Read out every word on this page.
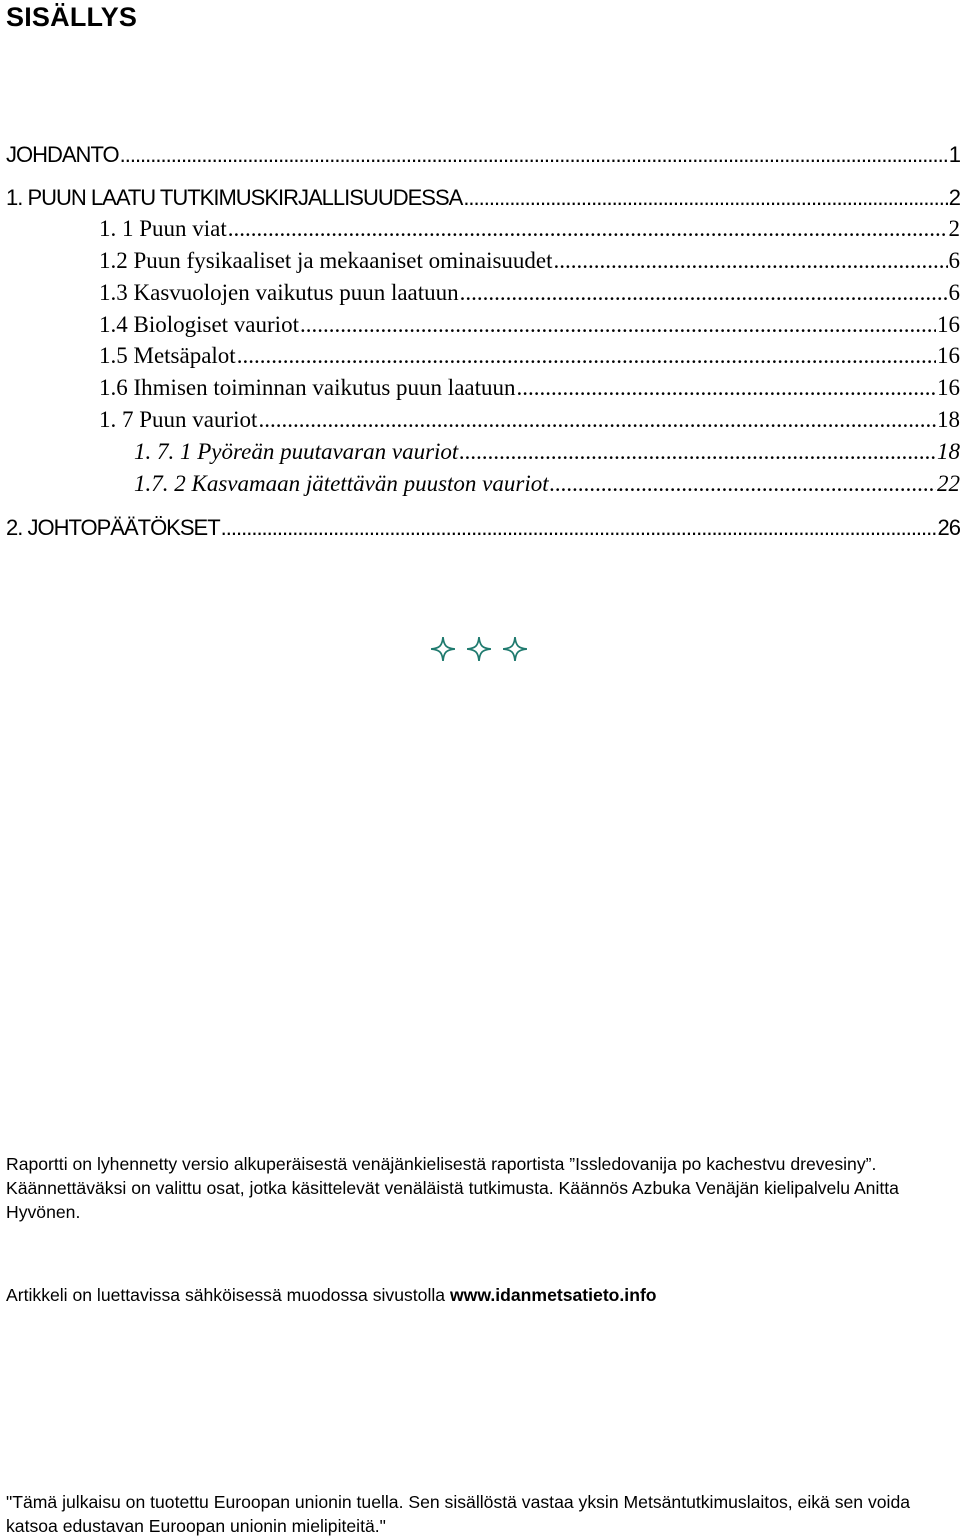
SISÄLLYS
JOHDANTO .....	1
1. PUUN LAATU TUTKIMUSKIRJALLISUUDESSA .....	2
1. 1 Puun viat .....	2
1.2 Puun fysikaaliset ja mekaaniset ominaisuudet .....	6
1.3 Kasvuolojen vaikutus puun laatuun .....	6
1.4 Biologiset vauriot .....	16
1.5 Metsäpalot .....	16
1.6 Ihmisen toiminnan vaikutus puun laatuun .....	16
1. 7 Puun vauriot .....	18
1. 7. 1 Pyöreän puutavaran vauriot .....	18
1.7. 2 Kasvamaan jätettävän puuston vauriot .....	22
2. JOHTOPÄÄTÖKSET .....	26

Raportti on lyhennetty versio alkuperäisestä venäjänkielisestä raportista ”Issledovanija po kachestvu drevesiny”. Käännettäväksi on valittu osat, jotka käsittelevät venäläistä tutkimusta. Käännös Azbuka Venäjän kielipalvelu Anitta Hyvönen.

Artikkeli on luettavissa sähköisessä muodossa sivustolla www.idanmetsatieto.info

"Tämä julkaisu on tuotettu Euroopan unionin tuella. Sen sisällöstä vastaa yksin Metsäntutkimuslaitos, eikä sen voida katsoa edustavan Euroopan unionin mielipiteitä."
